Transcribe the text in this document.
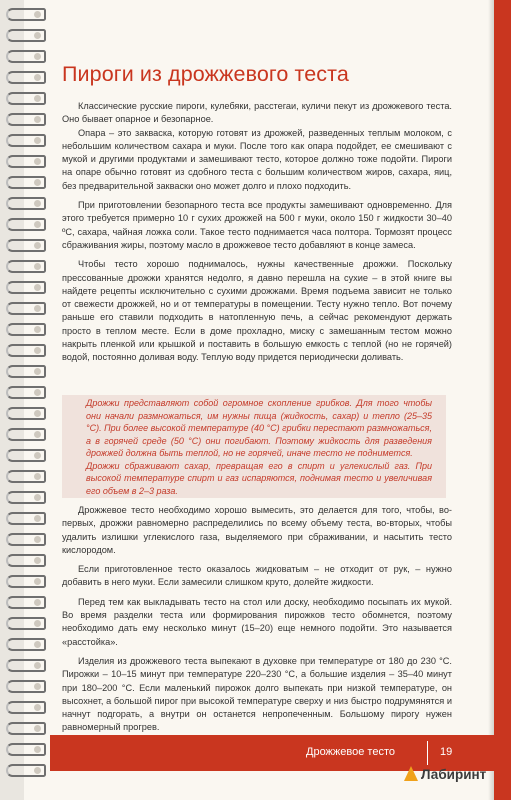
Пироги из дрожжевого теста

Классические русские пироги, кулебяки, расстегаи, куличи пекут из дрожжевого теста. Оно бывает опарное и безопарное.

Опара – это закваска, которую готовят из дрожжей, разведенных теплым молоком, с небольшим количеством сахара и муки. После того как опара подойдет, ее смешивают с мукой и другими продуктами и замешивают тесто, которое должно тоже подойти. Пироги на опаре обычно готовят из сдобного теста с большим количеством жиров, сахара, яиц, без предварительной закваски оно может долго и плохо подходить.

При приготовлении безопарного теста все продукты замешивают одновременно. Для этого требуется примерно 10 г сухих дрожжей на 500 г муки, около 150 г жидкости 30–40 ºС, сахара, чайная ложка соли. Такое тесто поднимается часа полтора. Тормозят процесс сбраживания жиры, поэтому масло в дрожжевое тесто добавляют в конце замеса.

Чтобы тесто хорошо поднималось, нужны качественные дрожжи. Поскольку прессованные дрожжи хранятся недолго, я давно перешла на сухие – в этой книге вы найдете рецепты исключительно с сухими дрожжами. Время подъема зависит не только от свежести дрожжей, но и от температуры в помещении. Тесту нужно тепло. Вот почему раньше его ставили подходить в натопленную печь, а сейчас рекомендуют держать просто в теплом месте. Если в доме прохладно, миску с замешанным тестом можно накрыть пленкой или крышкой и поставить в большую емкость с теплой (но не горячей) водой, постоянно доливая воду. Теплую воду придется периодически доливать.

Дрожжи представляют собой огромное скопление грибков. Для того чтобы они начали размножаться, им нужны пища (жидкость, сахар) и тепло (25–35 °С). При более высокой температуре (40 °С) грибки перестают размножаться, а в горячей среде (50 °С) они погибают. Поэтому жидкость для разведения дрожжей должна быть теплой, но не горячей, иначе тесто не поднимется.

Дрожжи сбраживают сахар, превращая его в спирт и углекислый газ. При высокой температуре спирт и газ испаряются, поднимая тесто и увеличивая его объем в 2–3 раза.

Дрожжевое тесто необходимо хорошо вымесить, это делается для того, чтобы, во-первых, дрожжи равномерно распределились по всему объему теста, во-вторых, чтобы удалить излишки углекислого газа, выделяемого при сбраживании, и насытить тесто кислородом.

Если приготовленное тесто оказалось жидковатым – не отходит от рук, – нужно добавить в него муки. Если замесили слишком круто, долейте жидкости.

Перед тем как выкладывать тесто на стол или доску, необходимо посыпать их мукой. Во время разделки теста или формирования пирожков тесто обомнется, поэтому необходимо дать ему несколько минут (15–20) еще немного подойти. Это называется «расстойка».

Изделия из дрожжевого теста выпекают в духовке при температуре от 180 до 230 °С. Пирожки – 10–15 минут при температуре 220–230 °С, а большие изделия – 35–40 минут при 180–200 °С. Если маленький пирожок долго выпекать при низкой температуре, он высохнет, а большой пирог при высокой температуре сверху и низ быстро подрумянятся и начнут подгорать, а внутри он останется непропеченным. Большому пирогу нужен равномерный прогрев.

Дрожжевое тесто	19
Лабиринт
